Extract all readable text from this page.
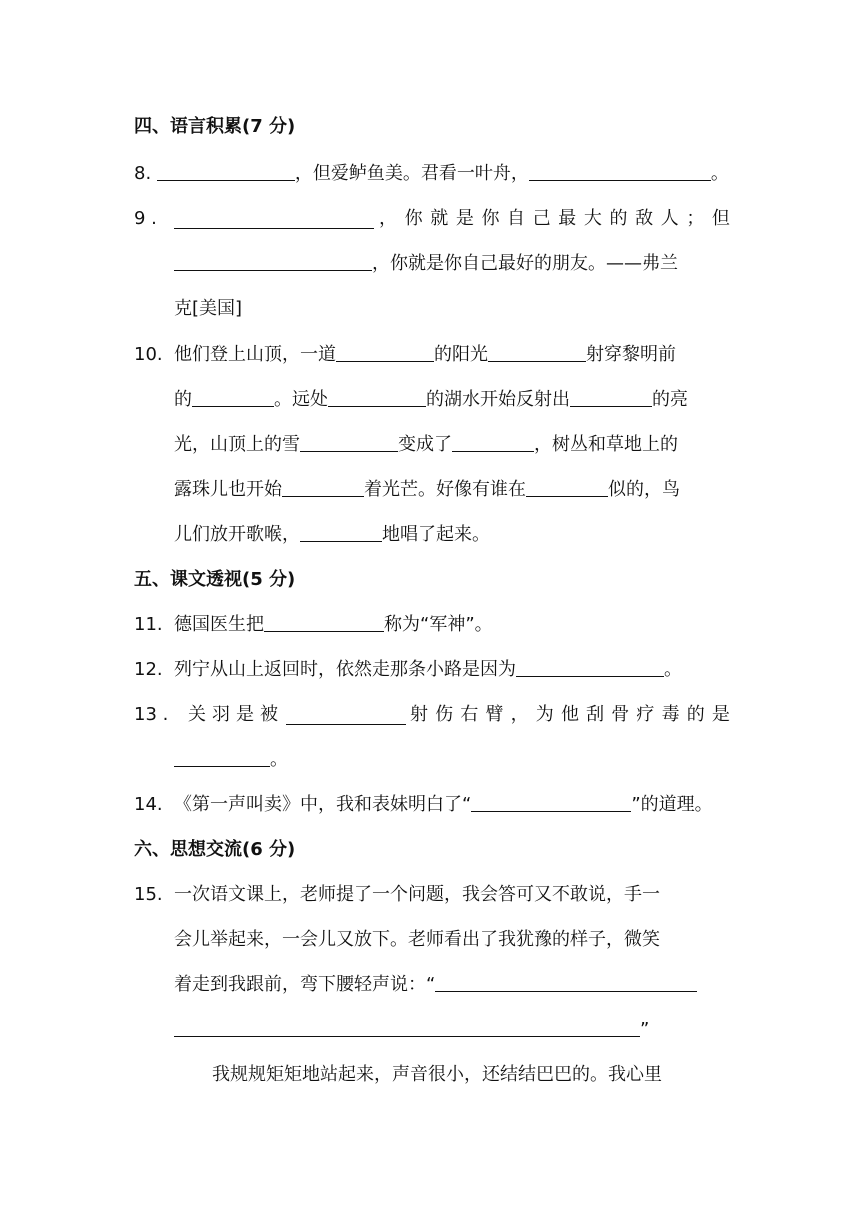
四、语言积累(7 分)
8.	，但爱鲈鱼美。君看一叶舟，	。
9 .	， 你 就 是 你 自 己 最 大 的 敌 人 ； 但
，你就是你自己最好的朋友。——弗兰
克[美国]
10. 他们登上山顶，一道	的阳光	射穿黎明前
的	。远处	的湖水开始反射出	的亮
光，山顶上的雪	变成了	，树丛和草地上的
露珠儿也开始	着光芒。好像有谁在	似的，鸟
儿们放开歌喉，	地唱了起来。
五、课文透视(5 分)
11. 德国医生把	称为“军神”。
12. 列宁从山上返回时，依然走那条小路是因为	。
13 . 关 羽 是 被	射 伤 右 臂 ， 为 他 刮 骨 疗 毒 的 是
。
14. 《第一声叫卖》中，我和表妹明白了“	”的道理。
六、思想交流(6 分)
15. 一次语文课上，老师提了一个问题，我会答可又不敢说，手一
会儿举起来，一会儿又放下。老师看出了我犹豫的样子，微笑
着走到我跟前，弯下腰轻声说：“
”
我规规矩矩地站起来，声音很小，还结结巴巴的。我心里
